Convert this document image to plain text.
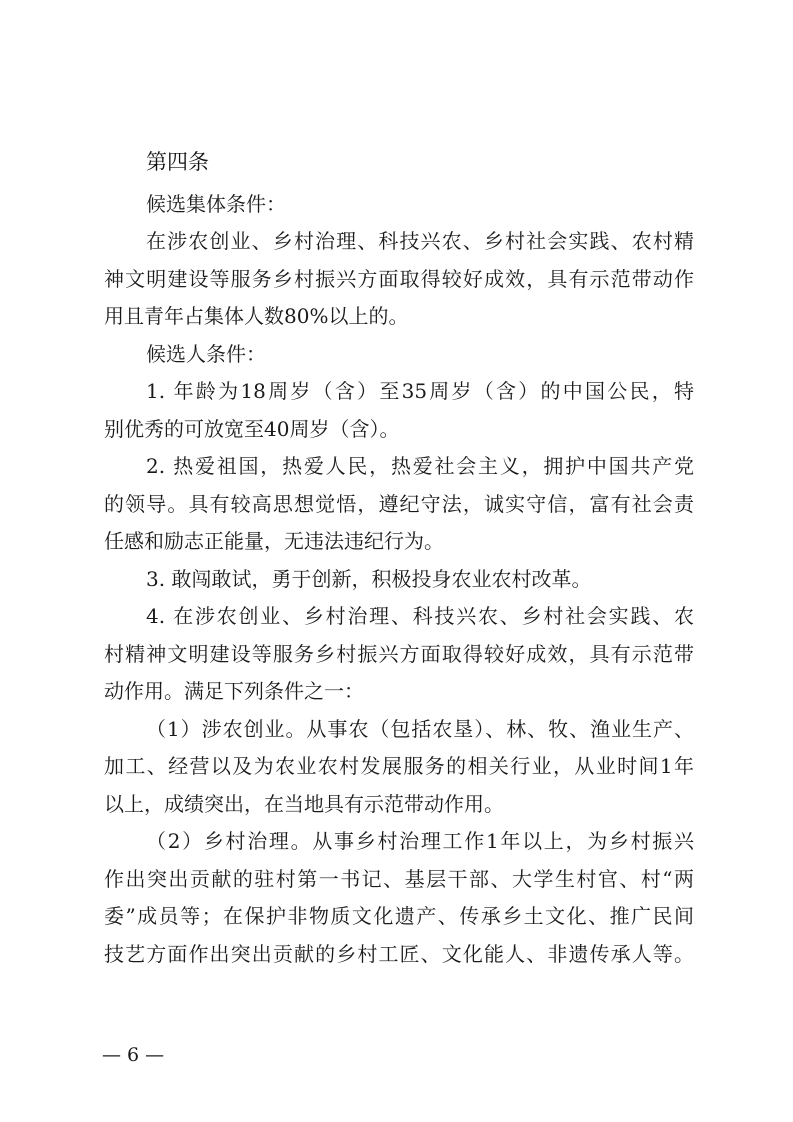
第四条
候选集体条件：
在涉农创业、乡村治理、科技兴农、乡村社会实践、农村精
神文明建设等服务乡村振兴方面取得较好成效，具有示范带动作
用且青年占集体人数80%以上的。
候选人条件：
1. 年龄为18周岁（含）至35周岁（含）的中国公民，特
别优秀的可放宽至40周岁（含）。
2. 热爱祖国，热爱人民，热爱社会主义，拥护中国共产党
的领导。具有较高思想觉悟，遵纪守法，诚实守信，富有社会责
任感和励志正能量，无违法违纪行为。
3. 敢闯敢试，勇于创新，积极投身农业农村改革。
4. 在涉农创业、乡村治理、科技兴农、乡村社会实践、农
村精神文明建设等服务乡村振兴方面取得较好成效，具有示范带
动作用。满足下列条件之一：
（1）涉农创业。从事农（包括农垦）、林、牧、渔业生产、
加工、经营以及为农业农村发展服务的相关行业，从业时间1年
以上，成绩突出，在当地具有示范带动作用。
（2）乡村治理。从事乡村治理工作1年以上，为乡村振兴
作出突出贡献的驻村第一书记、基层干部、大学生村官、村“两
委”成员等；在保护非物质文化遗产、传承乡土文化、推广民间
技艺方面作出突出贡献的乡村工匠、文化能人、非遗传承人等。
— 6 —
